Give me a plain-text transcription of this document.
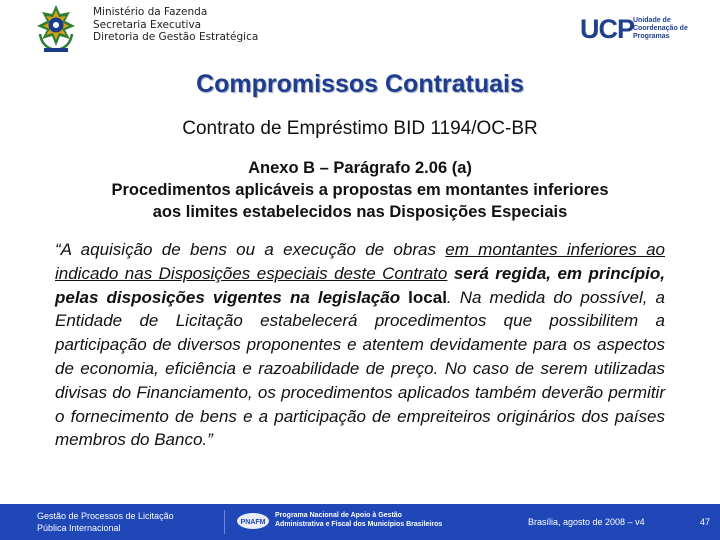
Ministério da Fazenda
Secretaria Executiva
Diretoria de Gestão Estratégica	UCP
Unidade de
Coordenação de
Programas
Compromissos Contratuais
Contrato de Empréstimo BID 1194/OC-BR
Anexo B – Parágrafo 2.06 (a)
Procedimentos aplicáveis a propostas em montantes inferiores
aos limites estabelecidos nas Disposições Especiais
“A aquisição de bens ou a execução de obras em montantes inferiores ao indicado nas Disposições especiais deste Contrato será regida, em princípio, pelas disposições vigentes na legislação local. Na medida do possível, a Entidade de Licitação estabelecerá procedimentos que possibilitem a participação de diversos proponentes e atentem devidamente para os aspectos de economia, eficiência e razoabilidade de preço. No caso de serem utilizadas divisas do Financiamento, os procedimentos aplicados também deverão permitir o fornecimento de bens e a participação de empreiteiros originários dos países membros do Banco.”
Gestão de Processos de Licitação
Pública Internacional	PNAFM
Programa Nacional de Apoio à Gestão
Administrativa e Fiscal dos Municípios Brasileiros	Brasília, agosto de 2008 – v4	47
